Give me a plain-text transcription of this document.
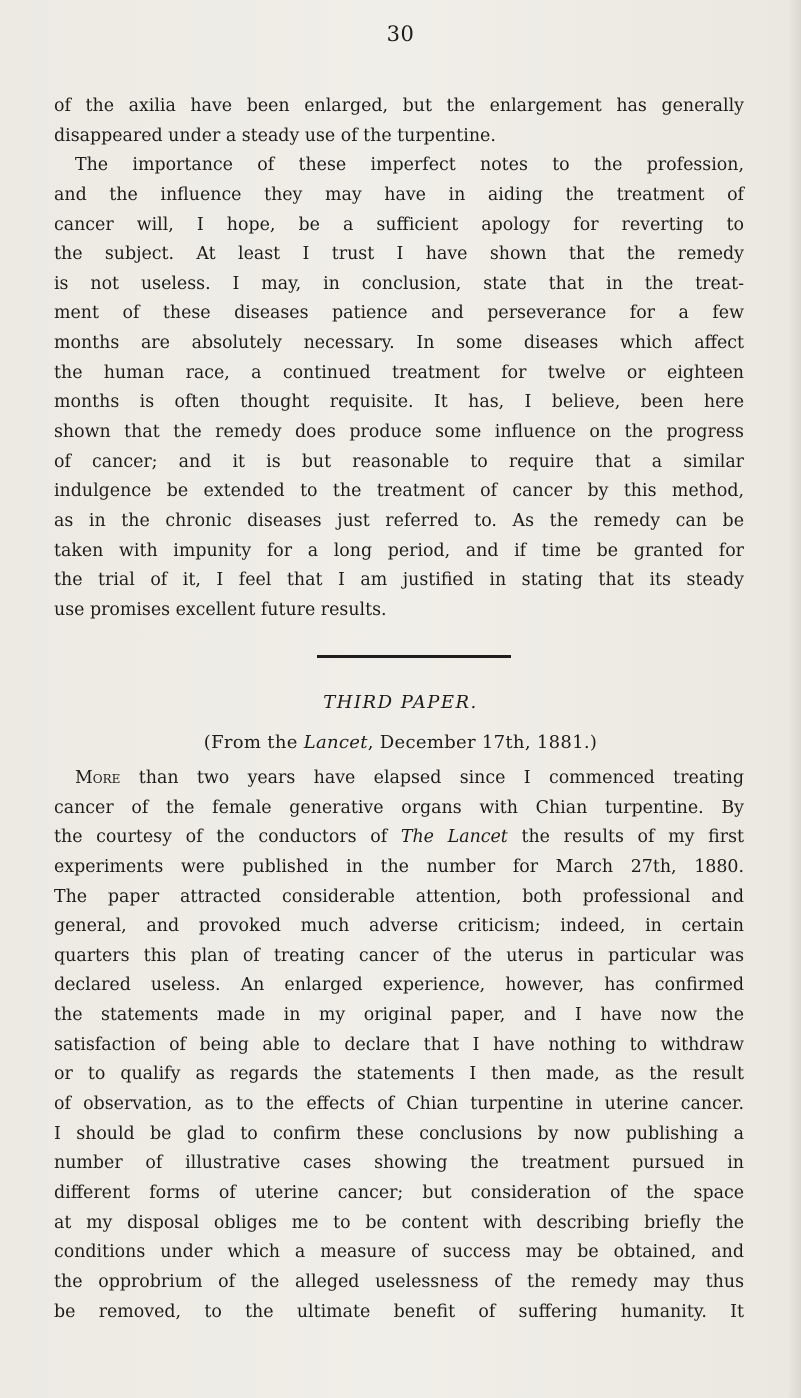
30
of the axilia have been enlarged, but the enlargement has generally
disappeared under a steady use of the turpentine.
The importance of these imperfect notes to the profession,
and the influence they may have in aiding the treatment of
cancer will, I hope, be a sufficient apology for reverting to
the subject. At least I trust I have shown that the remedy
is not useless. I may, in conclusion, state that in the treat-
ment of these diseases patience and perseverance for a few
months are absolutely necessary. In some diseases which affect
the human race, a continued treatment for twelve or eighteen
months is often thought requisite. It has, I believe, been here
shown that the remedy does produce some influence on the progress
of cancer; and it is but reasonable to require that a similar
indulgence be extended to the treatment of cancer by this method,
as in the chronic diseases just referred to. As the remedy can be
taken with impunity for a long period, and if time be granted for
the trial of it, I feel that I am justified in stating that its steady
use promises excellent future results.
THIRD PAPER.
(From the Lancet, December 17th, 1881.)
More than two years have elapsed since I commenced treating
cancer of the female generative organs with Chian turpentine. By
the courtesy of the conductors of The Lancet the results of my first
experiments were published in the number for March 27th, 1880.
The paper attracted considerable attention, both professional and
general, and provoked much adverse criticism; indeed, in certain
quarters this plan of treating cancer of the uterus in particular was
declared useless. An enlarged experience, however, has confirmed
the statements made in my original paper, and I have now the
satisfaction of being able to declare that I have nothing to withdraw
or to qualify as regards the statements I then made, as the result
of observation, as to the effects of Chian turpentine in uterine cancer.
I should be glad to confirm these conclusions by now publishing a
number of illustrative cases showing the treatment pursued in
different forms of uterine cancer; but consideration of the space
at my disposal obliges me to be content with describing briefly the
conditions under which a measure of success may be obtained, and
the opprobrium of the alleged uselessness of the remedy may thus
be removed, to the ultimate benefit of suffering humanity. It
